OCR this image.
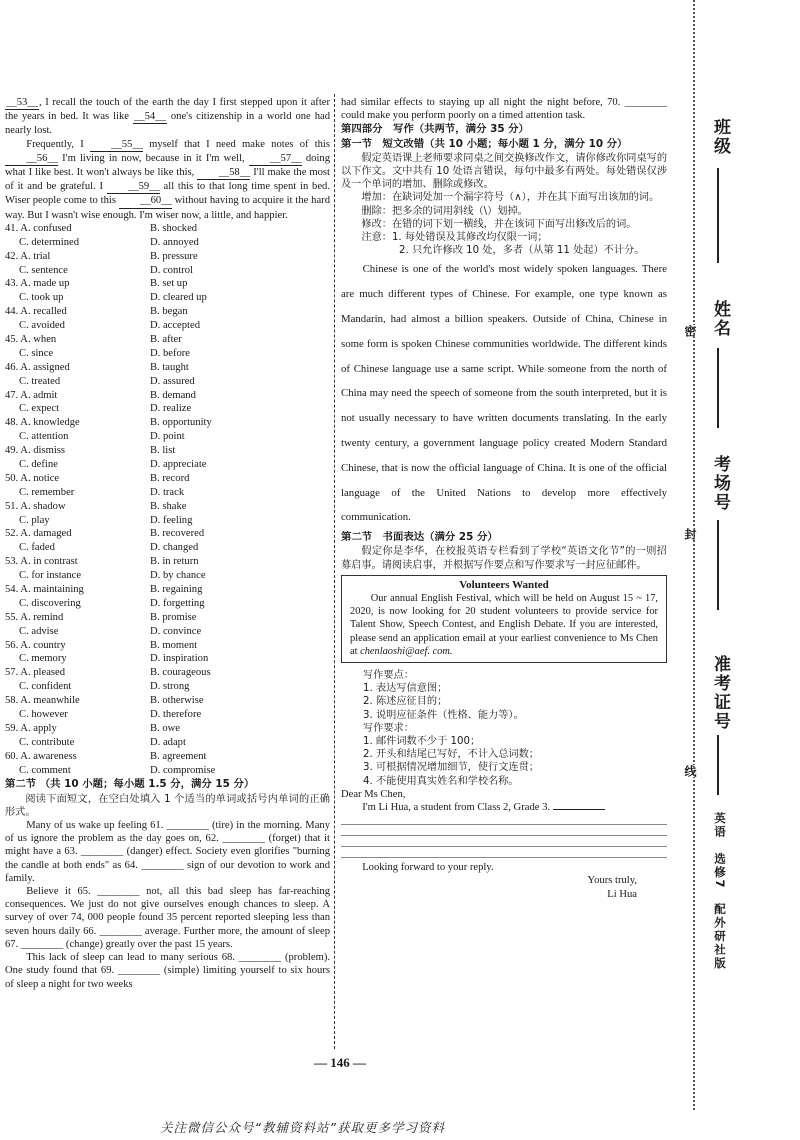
__53__, I recall the touch of the earth the day I first stepped upon it after the years in bed. It was like __54__ one's citizenship in a world one had nearly lost.

Frequently, I __55__ myself that I need make notes of this __56__ I'm living in now, because in it I'm well, __57__ doing what I like best. It won't always be like this, __58__ I'll make the most of it and be grateful. I __59__ all this to that long time spent in bed. Wiser people come to this __60__ without having to acquire it the hard way. But I wasn't wise enough. I'm wiser now, a little, and happier.

41. A. confused	B. shocked
C. determined	D. annoyed
42. A. trial	B. pressure
C. sentence	D. control
43. A. made up	B. set up
C. took up	D. cleared up
44. A. recalled	B. began
C. avoided	D. accepted
45. A. when	B. after
C. since	D. before
46. A. assigned	B. taught
C. treated	D. assured
47. A. admit	B. demand
C. expect	D. realize
48. A. knowledge	B. opportunity
C. attention	D. point
49. A. dismiss	B. list
C. define	D. appreciate
50. A. notice	B. record
C. remember	D. track
51. A. shadow	B. shake
C. play	D. feeling
52. A. damaged	B. recovered
C. faded	D. changed
53. A. in contrast	B. in return
C. for instance	D. by chance
54. A. maintaining	B. regaining
C. discovering	D. forgetting
55. A. remind	B. promise
C. advise	D. convince
56. A. country	B. moment
C. memory	D. inspiration
57. A. pleased	B. courageous
C. confident	D. strong
58. A. meanwhile	B. otherwise
C. however	D. therefore
59. A. apply	B. owe
C. contribute	D. adapt
60. A. awareness	B. agreement
C. comment	D. compromise
第二节 （共 10 小题；每小题 1.5 分，满分 15 分）

阅读下面短文，在空白处填入 1 个适当的单词或括号内单词的正确形式。

Many of us wake up feeling 61. ________ (tire) in the morning. Many of us ignore the problem as the day goes on, 62. ________ (forget) that it might have a 63. ________ (danger) effect. Society even glorifies "burning the candle at both ends" as 64. ________ sign of our devotion to work and family.

Believe it 65. ________ not, all this bad sleep has far-reaching consequences. We just do not give ourselves enough chances to sleep. A survey of over 74, 000 people found 35 percent reported sleeping less than seven hours daily 66. ________ average. Further more, the amount of sleep 67. ________ (change) greatly over the past 15 years.

This lack of sleep can lead to many serious 68. ________ (problem). One study found that 69. ________ (simple) limiting yourself to six hours of sleep a night for two weeks

had similar effects to staying up all night the night before, 70. ________ could make you perform poorly on a timed attention task.

第四部分　写作（共两节，满分 35 分）
第一节　短文改错（共 10 小题；每小题 1 分，满分 10 分）

假定英语课上老师要求同桌之间交换修改作文，请你修改你同桌写的以下作文。文中共有 10 处语言错误，每句中最多有两处。每处错误仅涉及一个单词的增加、删除或修改。

增加：在缺词处加一个漏字符号（∧），并在其下面写出该加的词。

删除：把多余的词用斜线（\）划掉。

修改：在错的词下划一横线，并在该词下面写出修改后的词。

注意：1. 每处错误及其修改均仅限一词；

2. 只允许修改 10 处，多者（从第 11 处起）不计分。

Chinese is one of the world's most widely spoken languages. There are much different types of Chinese. For example, one type known as Mandarin, had almost a billion speakers. Outside of China, Chinese in some form is spoken Chinese communities worldwide. The different kinds of Chinese language use a same script. While someone from the north of China may need the speech of someone from the south interpreted, but it is not usually necessary to have written documents translating. In the early twenty century, a government language policy created Modern Standard Chinese, that is now the official language of China. It is one of the official language of the United Nations to develop more effectively communication.

第二节　书面表达（满分 25 分）

假定你是李华，在校报英语专栏看到了学校“英语文化节”的一则招募启事。请阅读启事，并根据写作要点和写作要求写一封应征邮件。

Volunteers Wanted

Our annual English Festival, which will be held on August 15 ~ 17, 2020, is now looking for 20 student volunteers to provide service for Talent Show, Speech Contest, and English Debate. If you are interested, please send an application email at your earliest convenience to Ms Chen at chenlaoshi@aef. com.

写作要点：
1. 表达写信意图；
2. 陈述应征目的；
3. 说明应征条件（性格、能力等）。
写作要求：
1. 邮件词数不少于 100；
2. 开头和结尾已写好，不计入总词数；
3. 可根据情况增加细节，使行文连贯；
4. 不能使用真实姓名和学校名称。
Dear Ms Chen,
I'm Li Hua, a student from Class 2, Grade 3.
Looking forward to your reply.
Yours truly,
Li Hua
— 146 —
关注微信公众号“教辅资料站”获取更多学习资料
班级
姓名
考场号
准考证号
密
封
线
英语　选修7　配外研社版
